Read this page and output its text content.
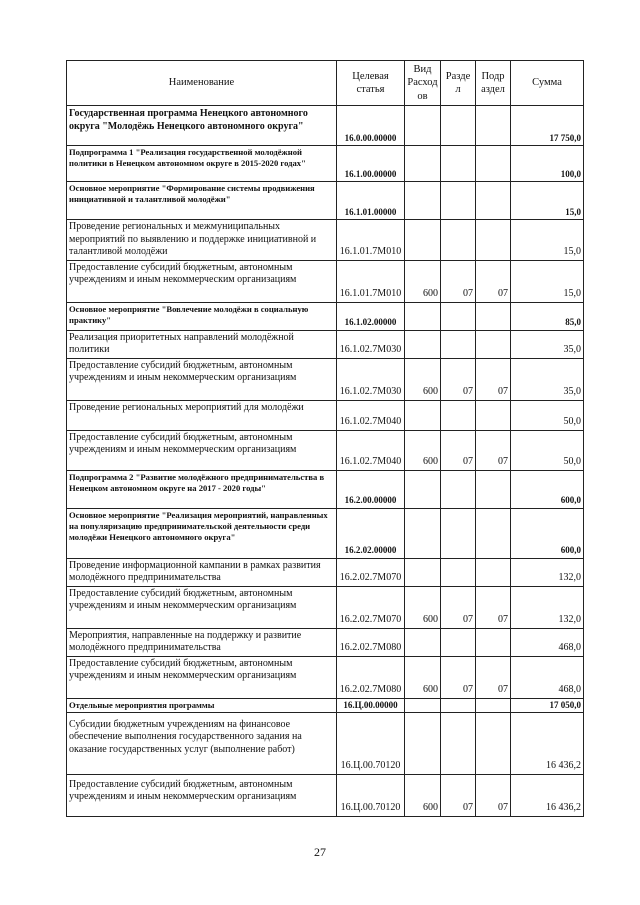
Наименование	Целевая статья	Вид Расход ов	Разде л	Подр аздел	Сумма
Государственная программа Ненецкого автономного округа "Молодёжь Ненецкого автономного округа"	16.0.00.00000				17 750,0
Подпрограмма 1 "Реализация государственной молодёжной политики в Ненецком автономном округе в 2015-2020 годах"	16.1.00.00000				100,0
Основное мероприятие "Формирование системы продвижения инициативной и талантливой молодёжи"	16.1.01.00000				15,0
Проведение региональных и межмуниципальных мероприятий по выявлению и поддержке инициативной и талантливой молодёжи	16.1.01.7М010				15,0
Предоставление субсидий бюджетным, автономным учреждениям и иным некоммерческим организациям	16.1.01.7М010	600	07	07	15,0
Основное мероприятие "Вовлечение молодёжи в социальную практику"	16.1.02.00000				85,0
Реализация приоритетных направлений молодёжной политики	16.1.02.7М030				35,0
Предоставление субсидий бюджетным, автономным учреждениям и иным некоммерческим организациям	16.1.02.7М030	600	07	07	35,0
Проведение региональных мероприятий для молодёжи	16.1.02.7М040				50,0
Предоставление субсидий бюджетным, автономным учреждениям и иным некоммерческим организациям	16.1.02.7М040	600	07	07	50,0
Подпрограмма 2 "Развитие молодёжного предпринимательства в Ненецком автономном округе на 2017 - 2020 годы"	16.2.00.00000				600,0
Основное мероприятие "Реализация мероприятий, направленных на популяризацию предпринимательской деятельности среди молодёжи Ненецкого автономного округа"	16.2.02.00000				600,0
Проведение информационной кампании в рамках развития молодёжного предпринимательства	16.2.02.7М070				132,0
Предоставление субсидий бюджетным, автономным учреждениям и иным некоммерческим организациям	16.2.02.7М070	600	07	07	132,0
Мероприятия, направленные на поддержку и развитие молодёжного предпринимательства	16.2.02.7М080				468,0
Предоставление субсидий бюджетным, автономным учреждениям и иным некоммерческим организациям	16.2.02.7М080	600	07	07	468,0
Отдельные мероприятия программы	16.Ц.00.00000				17 050,0
Субсидии бюджетным учреждениям на финансовое обеспечение выполнения государственного задания на оказание государственных услуг (выполнение работ)	16.Ц.00.70120				16 436,2
Предоставление субсидий бюджетным, автономным учреждениям и иным некоммерческим организациям	16.Ц.00.70120	600	07	07	16 436,2
27
